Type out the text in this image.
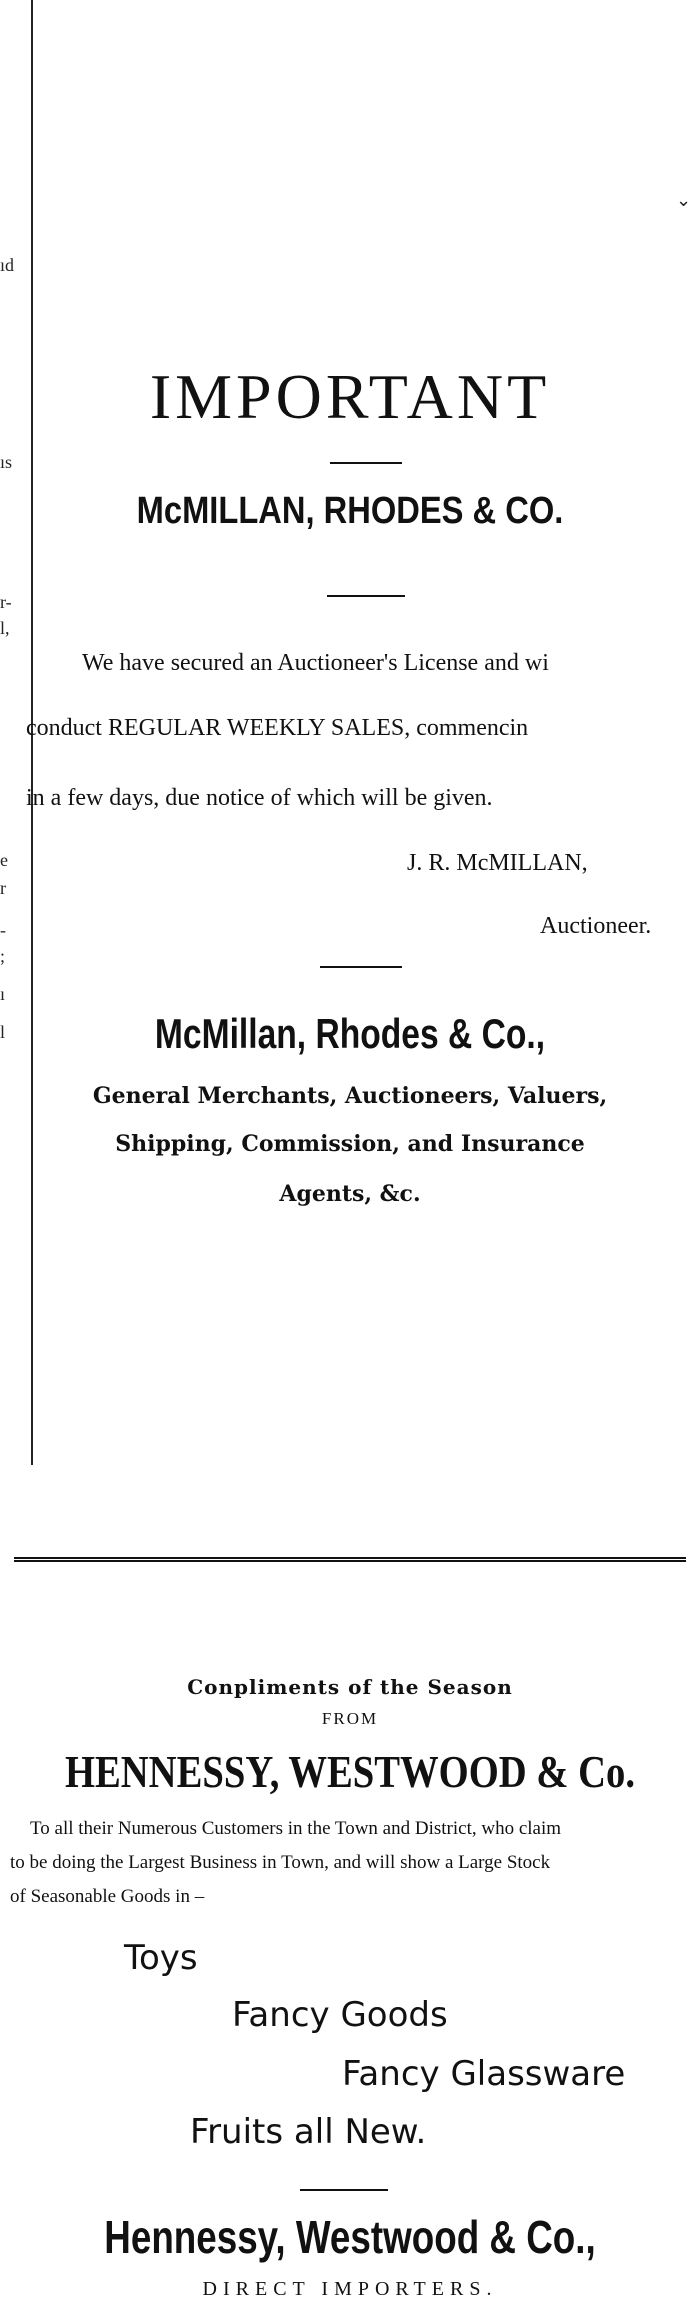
ıd
ıs
r-
l,
e
r
-
;
ı
l
⌄
IMPORTANT
McMILLAN, RHODES & CO.
We have secured an Auctioneer's License and wi
conduct REGULAR WEEKLY SALES, commencin
in a few days, due notice of which will be given.
J. R. McMILLAN,
Auctioneer.
McMillan, Rhodes & Co.,
General Merchants, Auctioneers, Valuers,
Shipping, Commission, and Insurance
Agents, &c.
Conpliments of the Season
FROM
HENNESSY, WESTWOOD & Co.
To all their Numerous Customers in the Town and District, who claim
to be doing the Largest Business in Town, and will show a Large Stock
of Seasonable Goods in –
Toys
Fancy Goods
Fancy Glassware
Fruits all New.
Hennessy, Westwood & Co.,
DIRECT IMPORTERS.
